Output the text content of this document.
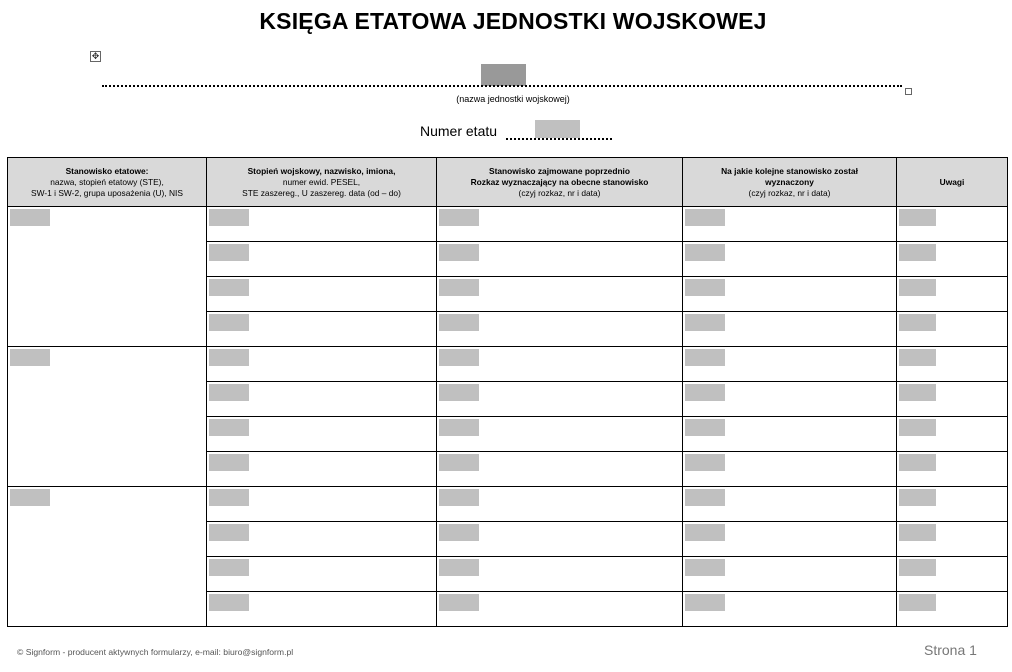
KSIĘGA ETATOWA JEDNOSTKI WOJSKOWEJ
✥
(nazwa jednostki wojskowej)
Numer etatu
Stanowisko etatowe:
nazwa, stopień etatowy (STE),
SW-1 i SW-2, grupa uposażenia (U), NIS	Stopień wojskowy, nazwisko, imiona,
numer ewid. PESEL,
STE zaszereg., U zaszereg. data (od – do)	Stanowisko zajmowane poprzednio
Rozkaz wyznaczający na obecne stanowisko
(czyj rozkaz, nr i data)	Na jakie kolejne stanowisko został wyznaczony
(czyj rozkaz, nr i data)	Uwagi

© Signform - producent aktywnych formularzy, e-mail: biuro@signform.pl	Strona 1
